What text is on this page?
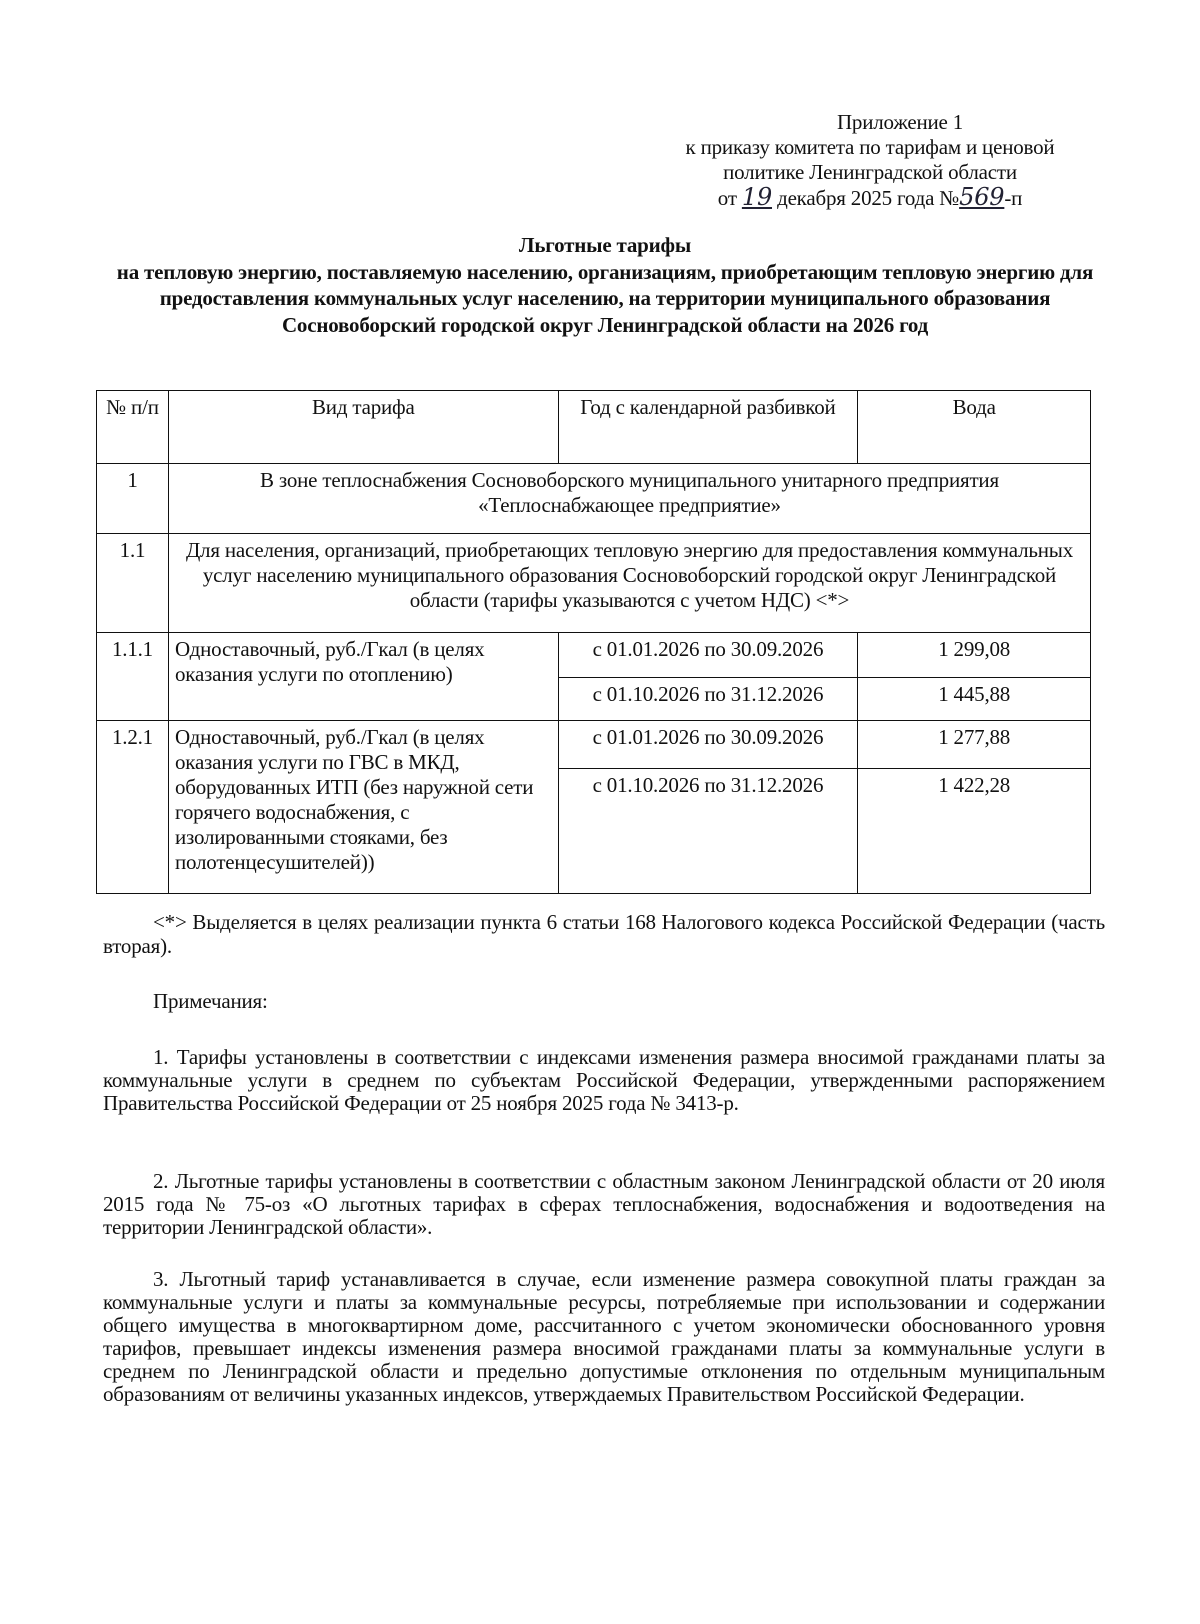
Приложение 1
к приказу комитета по тарифам и ценовой
политике Ленинградской области
от 19 декабря 2025 года №569-п
Льготные тарифы
на тепловую энергию, поставляемую населению, организациям, приобретающим тепловую энергию для предоставления коммунальных услуг населению, на территории муниципального образования Сосновоборский городской округ Ленинградской области на 2026 год
№ п/п	Вид тарифа	Год с календарной разбивкой	Вода
1	В зоне теплоснабжения Сосновоборского муниципального унитарного предприятия «Теплоснабжающее предприятие»		
1.1	Для населения, организаций, приобретающих тепловую энергию для предоставления коммунальных услуг населению муниципального образования Сосновоборский городской округ Ленинградской области (тарифы указываются с учетом НДС) <*>		
1.1.1	Одноставочный, руб./Гкал (в целях оказания услуги по отоплению)	с 01.01.2026 по 30.09.2026	1 299,08
		с 01.10.2026 по 31.12.2026	1 445,88
1.2.1	Одноставочный, руб./Гкал (в целях оказания услуги по ГВС в МКД, оборудованных ИТП (без наружной сети горячего водоснабжения, с изолированными стояками, без полотенцесушителей))	с 01.01.2026 по 30.09.2026	1 277,88
		с 01.10.2026 по 31.12.2026	1 422,28
<*> Выделяется в целях реализации пункта 6 статьи 168 Налогового кодекса Российской Федерации (часть вторая).
Примечания:
1. Тарифы установлены в соответствии с индексами изменения размера вносимой гражданами платы за коммунальные услуги в среднем по субъектам Российской Федерации, утвержденными распоряжением Правительства Российской Федерации от 25 ноября 2025 года № 3413-р.
2. Льготные тарифы установлены в соответствии с областным законом Ленинградской области от 20 июля 2015 года № 75-оз «О льготных тарифах в сферах теплоснабжения, водоснабжения и водоотведения на территории Ленинградской области».
3. Льготный тариф устанавливается в случае, если изменение размера совокупной платы граждан за коммунальные услуги и платы за коммунальные ресурсы, потребляемые при использовании и содержании общего имущества в многоквартирном доме, рассчитанного с учетом экономически обоснованного уровня тарифов, превышает индексы изменения размера вносимой гражданами платы за коммунальные услуги в среднем по Ленинградской области и предельно допустимые отклонения по отдельным муниципальным образованиям от величины указанных индексов, утверждаемых Правительством Российской Федерации.
